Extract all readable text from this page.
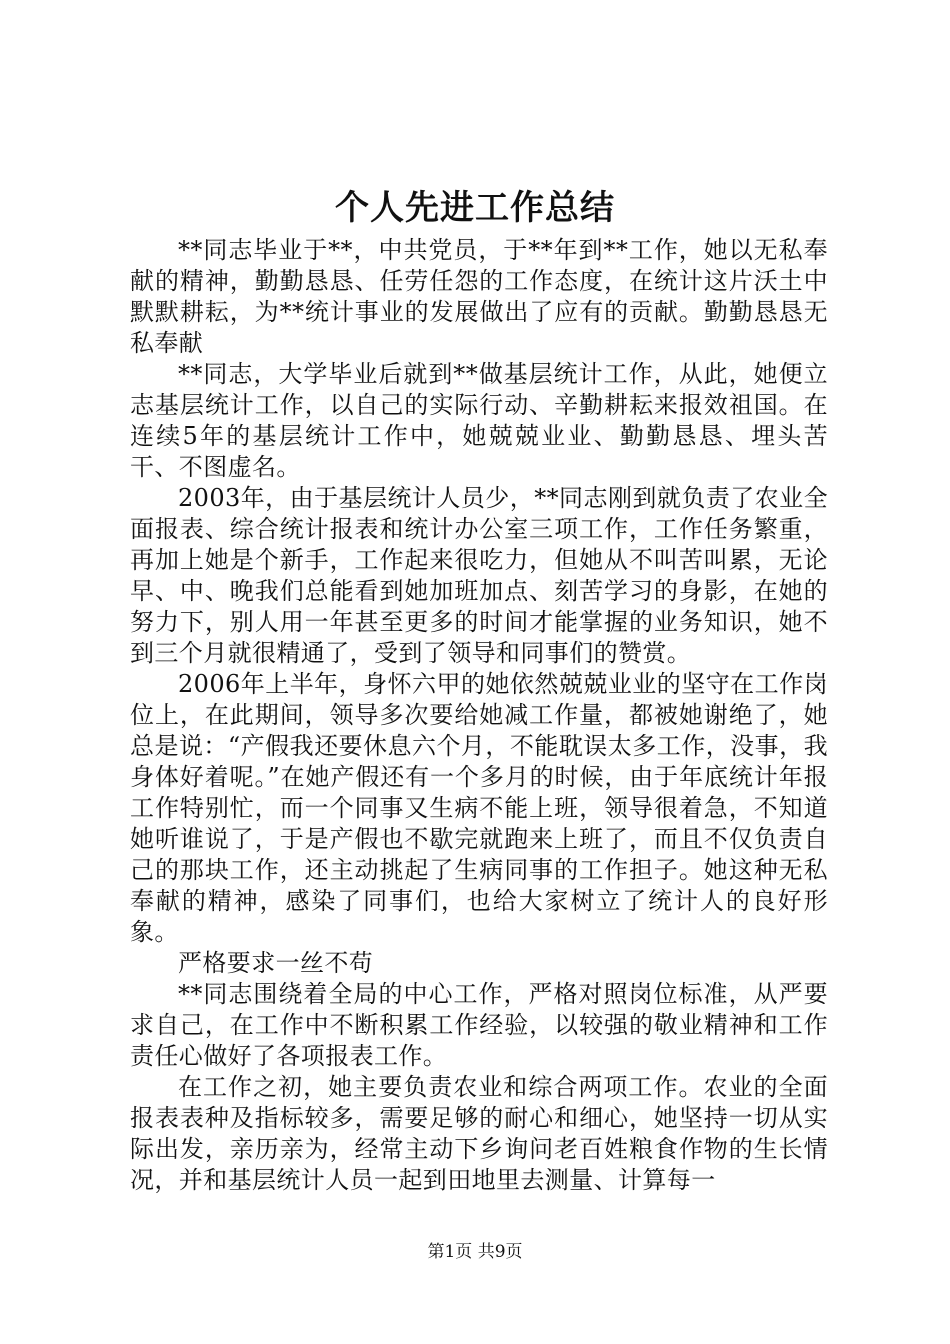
个人先进工作总结

**同志毕业于**，中共党员，于**年到**工作，她以无私奉献的精神，勤勤恳恳、任劳任怨的工作态度，在统计这片沃土中默默耕耘，为**统计事业的发展做出了应有的贡献。勤勤恳恳无私奉献

**同志，大学毕业后就到**做基层统计工作，从此，她便立志基层统计工作，以自己的实际行动、辛勤耕耘来报效祖国。在连续5年的基层统计工作中，她兢兢业业、勤勤恳恳、埋头苦干、不图虚名。

2003年，由于基层统计人员少，**同志刚到就负责了农业全面报表、综合统计报表和统计办公室三项工作，工作任务繁重，再加上她是个新手，工作起来很吃力，但她从不叫苦叫累，无论早、中、晚我们总能看到她加班加点、刻苦学习的身影，在她的努力下，别人用一年甚至更多的时间才能掌握的业务知识，她不到三个月就很精通了，受到了领导和同事们的赞赏。

2006年上半年，身怀六甲的她依然兢兢业业的坚守在工作岗位上，在此期间，领导多次要给她减工作量，都被她谢绝了，她总是说：“产假我还要休息六个月，不能耽误太多工作，没事，我身体好着呢。”在她产假还有一个多月的时候，由于年底统计年报工作特别忙，而一个同事又生病不能上班，领导很着急，不知道她听谁说了，于是产假也不歇完就跑来上班了，而且不仅负责自己的那块工作，还主动挑起了生病同事的工作担子。她这种无私奉献的精神，感染了同事们，也给大家树立了统计人的良好形象。

严格要求一丝不苟

**同志围绕着全局的中心工作，严格对照岗位标准，从严要求自己，在工作中不断积累工作经验，以较强的敬业精神和工作责任心做好了各项报表工作。

在工作之初，她主要负责农业和综合两项工作。农业的全面报表表种及指标较多，需要足够的耐心和细心，她坚持一切从实际出发，亲历亲为，经常主动下乡询问老百姓粮食作物的生长情况，并和基层统计人员一起到田地里去测量、计算每一

第1页 共9页
